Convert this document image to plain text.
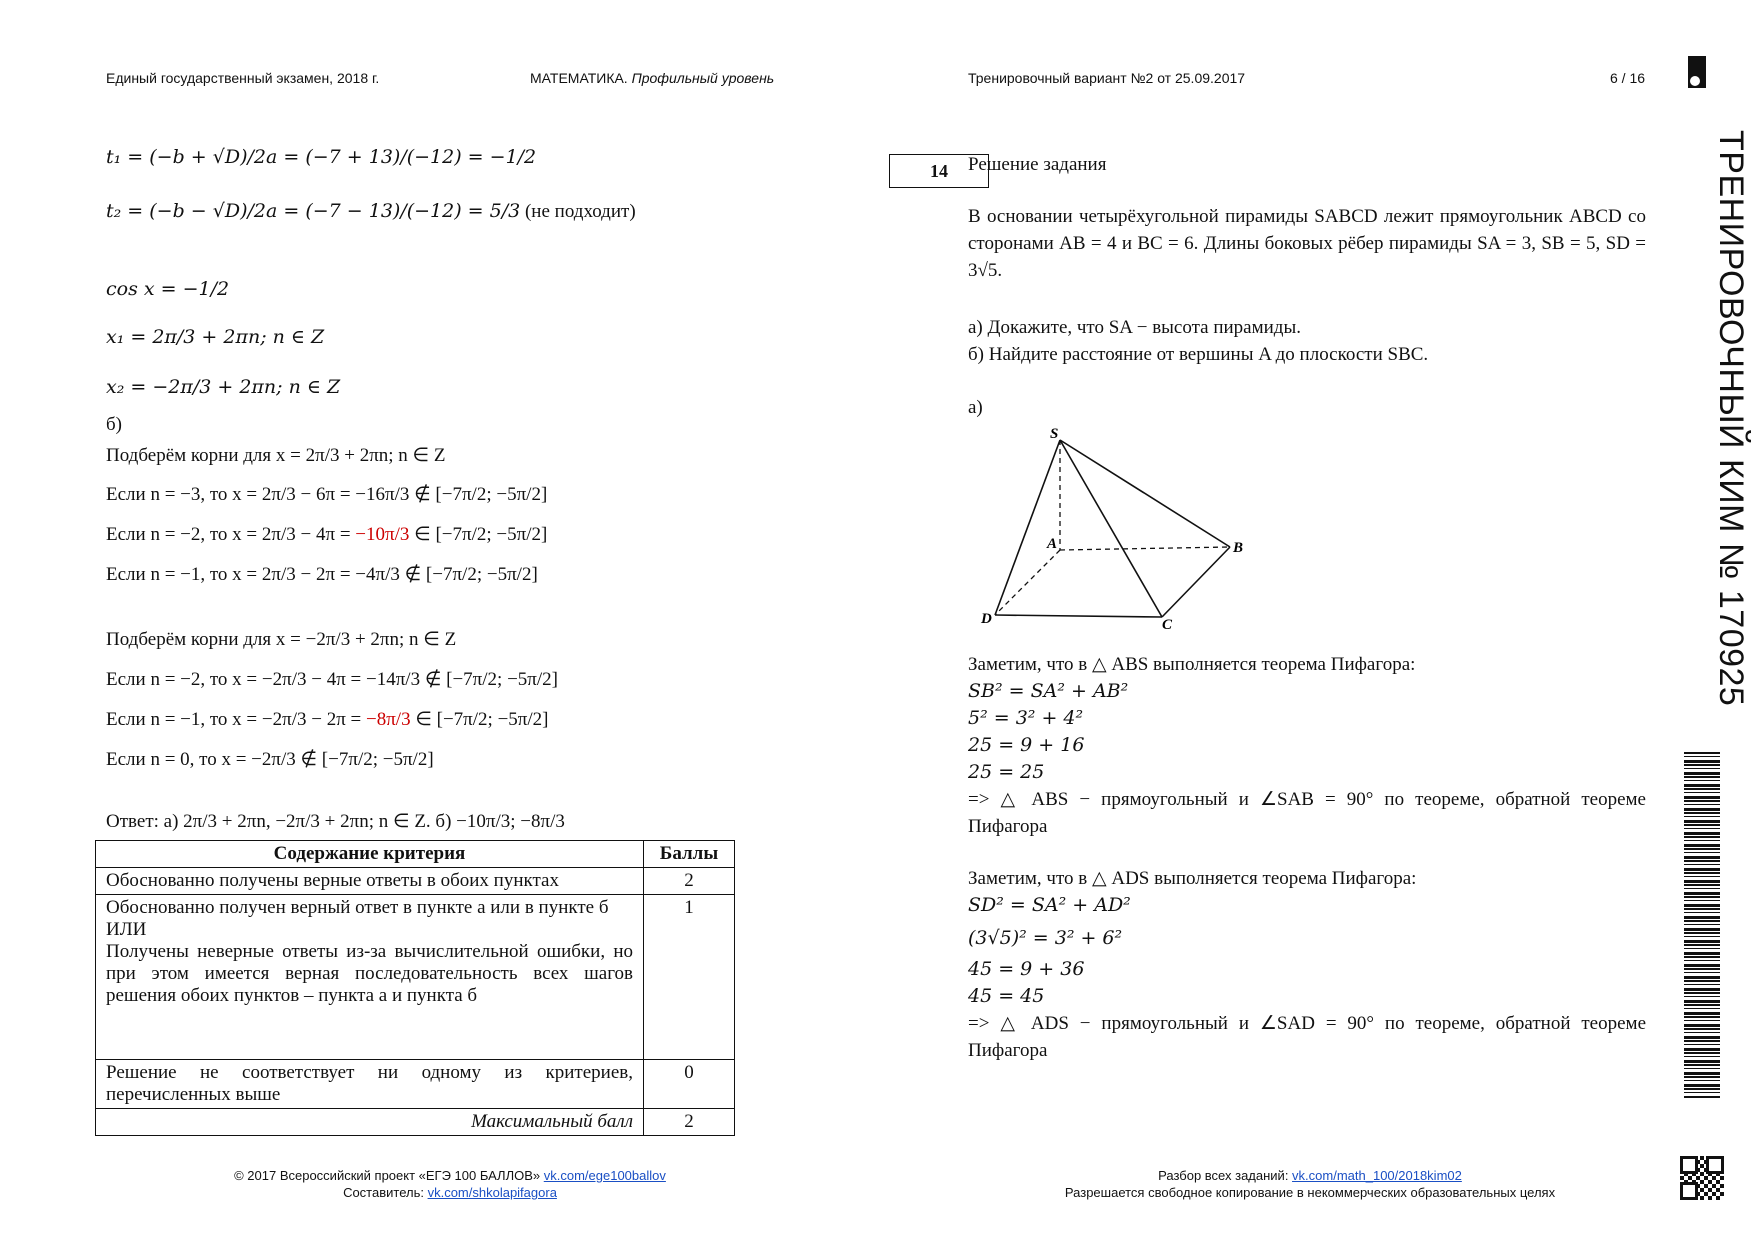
Единый государственный экзамен, 2018 г.	МАТЕМАТИКА. Профильный уровень	Тренировочный вариант №2 от 25.09.2017	6 / 16
t₁ = (−b + √D)/2a = (−7 + 13)/(−12) = −1/2
t₂ = (−b − √D)/2a = (−7 − 13)/(−12) = 5/3 (не подходит)
cos x = −1/2
x₁ = 2π/3 + 2πn; n ∈ Z
x₂ = −2π/3 + 2πn; n ∈ Z
б)
Подберём корни для x = 2π/3 + 2πn; n ∈ Z
Если n = −3, то x = 2π/3 − 6π = −16π/3 ∉ [−7π/2; −5π/2]
Если n = −2, то x = 2π/3 − 4π = −10π/3 ∈ [−7π/2; −5π/2]
Если n = −1, то x = 2π/3 − 2π = −4π/3 ∉ [−7π/2; −5π/2]
Подберём корни для x = −2π/3 + 2πn; n ∈ Z
Если n = −2, то x = −2π/3 − 4π = −14π/3 ∉ [−7π/2; −5π/2]
Если n = −1, то x = −2π/3 − 2π = −8π/3 ∈ [−7π/2; −5π/2]
Если n = 0, то x = −2π/3 ∉ [−7π/2; −5π/2]
Ответ: а) 2π/3 + 2πn, −2π/3 + 2πn; n ∈ Z. б) −10π/3; −8π/3
Содержание критерия	Баллы
Обоснованно получены верные ответы в обоих пунктах	2

Обоснованно получен верный ответ в пункте а или в пункте б
ИЛИ
Получены неверные ответы из-за вычислительной ошибки, но при этом имеется верная последовательность всех шагов решения обоих пунктов – пункта а и пункта б	1
Решение не соответствует ни одному из критериев, перечисленных выше	0
Максимальный балл	2
14	Решение задания
В основании четырёхугольной пирамиды SABCD лежит прямоугольник ABCD со сторонами AB = 4 и BC = 6. Длины боковых рёбер пирамиды SA = 3, SB = 5, SD = 3√5.
а) Докажите, что SA − высота пирамиды.
б) Найдите расстояние от вершины A до плоскости SBC.
а)
S
A	B
C
D
Заметим, что в △ ABS выполняется теорема Пифагора:
SB² = SA² + AB²
5² = 3² + 4²
25 = 9 + 16
25 = 25
=> △ ABS − прямоугольный и ∠SAB = 90° по теореме, обратной теореме Пифагора
Заметим, что в △ ADS выполняется теорема Пифагора:
SD² = SA² + AD²
(3√5)² = 3² + 6²
45 = 9 + 36
45 = 45
=> △ ADS − прямоугольный и ∠SAD = 90° по теореме, обратной теореме Пифагора
ТРЕНИРОВОЧНЫЙ КИМ № 170925
© 2017 Всероссийский проект «ЕГЭ 100 БАЛЛОВ» vk.com/ege100ballov
Составитель: vk.com/shkolapifagora
Разбор всех заданий: vk.com/math_100/2018kim02
Разрешается свободное копирование в некоммерческих образовательных целях
